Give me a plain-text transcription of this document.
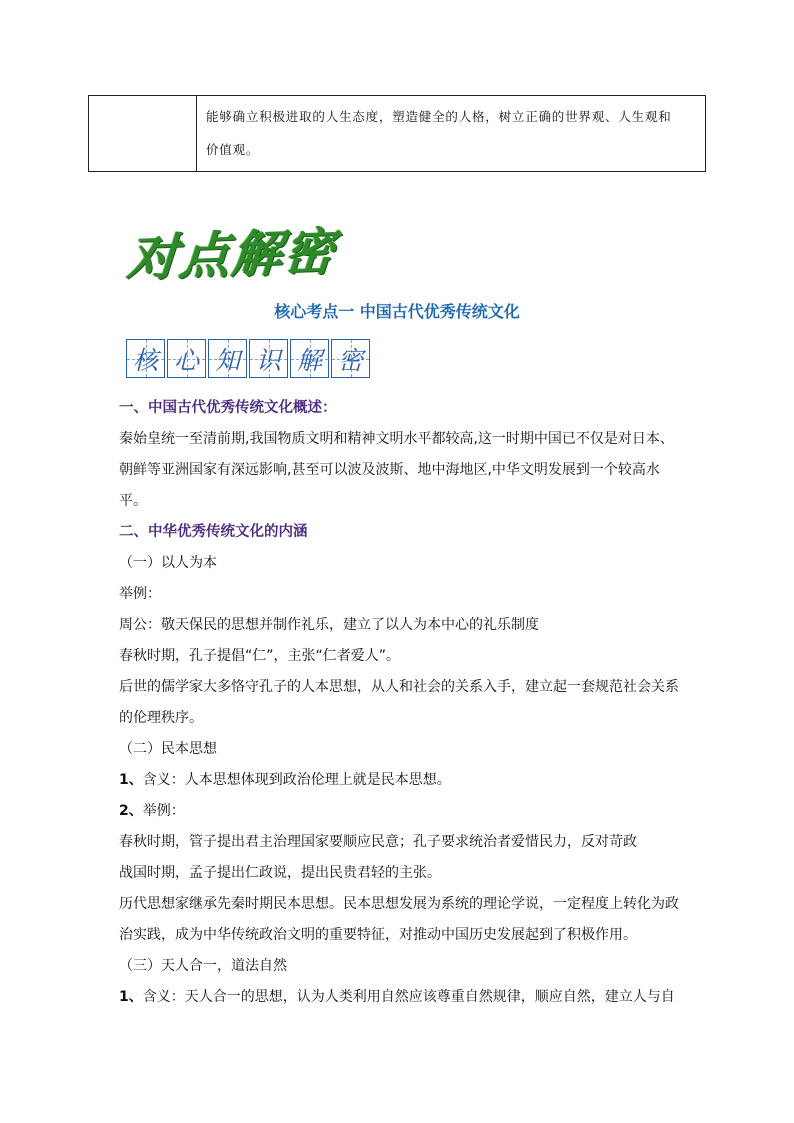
能够确立积极进取的人生态度，塑造健全的人格，树立正确的世界观、人生观和
价值观。
对点解密
核心考点一 中国古代优秀传统文化
核 心 知 识 解 密
一、中国古代优秀传统文化概述：
秦始皇统一至清前期,我国物质文明和精神文明水平都较高,这一时期中国已不仅是对日本、
朝鲜等亚洲国家有深远影响,甚至可以波及波斯、地中海地区,中华文明发展到一个较高水
平。
二、中华优秀传统文化的内涵
（一）以人为本
举例：
周公：敬天保民的思想并制作礼乐，建立了以人为本中心的礼乐制度
春秋时期，孔子提倡“仁”，主张“仁者爱人”。
后世的儒学家大多恪守孔子的人本思想，从人和社会的关系入手，建立起一套规范社会关系
的伦理秩序。
（二）民本思想
1、含义：人本思想体现到政治伦理上就是民本思想。
2、举例：
春秋时期，管子提出君主治理国家要顺应民意；孔子要求统治者爱惜民力，反对苛政
战国时期，孟子提出仁政说，提出民贵君轻的主张。
历代思想家继承先秦时期民本思想。民本思想发展为系统的理论学说，一定程度上转化为政
治实践，成为中华传统政治文明的重要特征，对推动中国历史发展起到了积极作用。
（三）天人合一，道法自然
1、含义：天人合一的思想，认为人类利用自然应该尊重自然规律，顺应自然，建立人与自
